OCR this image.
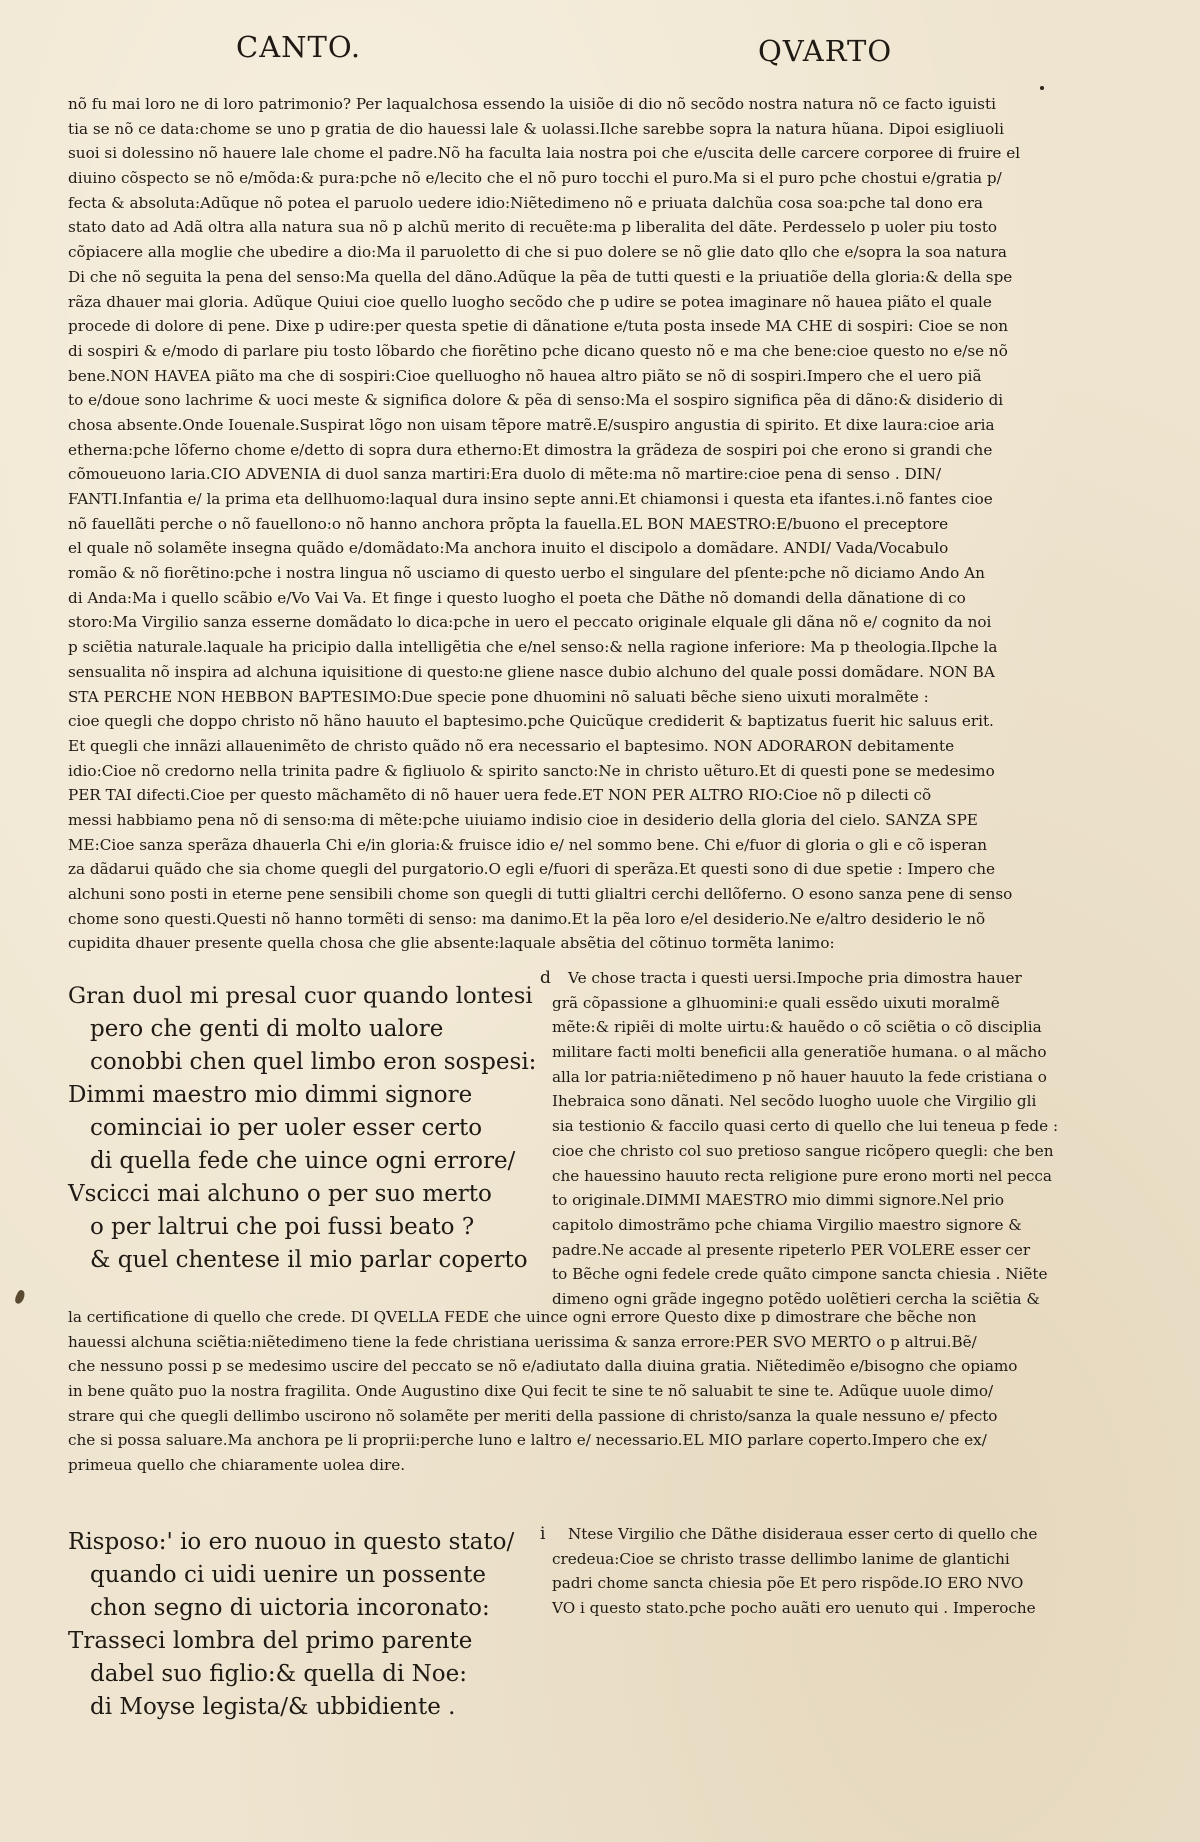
CANTO.	QVARTO
nõ fu mai loro ne di loro patrimonio? Per laqualchosa essendo la uisiõe di dio nõ secõdo nostra natura nõ ce facto iguisti
tia se nõ ce data:chome se uno p gratia de dio hauessi lale & uolassi.Ilche sarebbe sopra la natura hũana. Dipoi esigliuoli
suoi si dolessino nõ hauere lale chome el padre.Nõ ha faculta laia nostra poi che e/uscita delle carcere corporee di fruire el
diuino cõspecto se nõ e/mõda:& pura:pche nõ e/lecito che el nõ puro tocchi el puro.Ma si el puro pche chostui e/gratia p/
fecta & absoluta:Adũque nõ potea el paruolo uedere idio:Niẽtedimeno nõ e priuata dalchũa cosa soa:pche tal dono era
stato dato ad Adã oltra alla natura sua nõ p alchũ merito di recuẽte:ma p liberalita del dãte. Perdesselo p uoler piu tosto
cõpiacere alla moglie che ubedire a dio:Ma il paruoletto di che si puo dolere se nõ glie dato qllo che e/sopra la soa natura
Di che nõ seguita la pena del senso:Ma quella del dãno.Adũque la pẽa de tutti questi e la priuatiõe della gloria:& della spe
rãza dhauer mai gloria. Adũque Quiui cioe quello luogho secõdo che p udire se potea imaginare nõ hauea piãto el quale
procede di dolore di pene. Dixe p udire:per questa spetie di dãnatione e/tuta posta insede MA CHE di sospiri: Cioe se non
di sospiri & e/modo di parlare piu tosto lõbardo che fiorẽtino pche dicano questo nõ e ma che bene:cioe questo no e/se nõ
bene.NON HAVEA piãto ma che di sospiri:Cioe quelluogho nõ hauea altro piãto se nõ di sospiri.Impero che el uero piã
to e/doue sono lachrime & uoci meste & significa dolore & pẽa di senso:Ma el sospiro significa pẽa di dãno:& disiderio di
chosa absente.Onde Iouenale.Suspirat lõgo non uisam tẽpore matrẽ.E/suspiro angustia di spirito. Et dixe laura:cioe aria
etherna:pche lõferno chome e/detto di sopra dura etherno:Et dimostra la grãdeza de sospiri poi che erono si grandi che
cõmoueuono laria.CIO ADVENIA di duol sanza martiri:Era duolo di mẽte:ma nõ martire:cioe pena di senso . DIN/
FANTI.Infantia e/ la prima eta dellhuomo:laqual dura insino septe anni.Et chiamonsi i questa eta ifantes.i.nõ fantes cioe
nõ fauellãti perche o nõ fauellono:o nõ hanno anchora prõpta la fauella.EL BON MAESTRO:E/buono el preceptore
el quale nõ solamẽte insegna quãdo e/domãdato:Ma anchora inuito el discipolo a domãdare. ANDI/ Vada/Vocabulo
romão & nõ fiorẽtino:pche i nostra lingua nõ usciamo di questo uerbo el singulare del pſente:pche nõ diciamo Ando An
di Anda:Ma i quello scãbio e/Vo Vai Va. Et finge i questo luogho el poeta che Dãthe nõ domandi della dãnatione di co
storo:Ma Virgilio sanza esserne domãdato lo dica:pche in uero el peccato originale elquale gli dãna nõ e/ cognito da noi
p sciẽtia naturale.laquale ha pricipio dalla intelligẽtia che e/nel senso:& nella ragione inferiore: Ma p theologia.Ilpche la
sensualita nõ inspira ad alchuna iquisitione di questo:ne gliene nasce dubio alchuno del quale possi domãdare. NON BA
STA PERCHE NON HEBBON BAPTESIMO:Due specie pone dhuomini nõ saluati bẽche sieno uixuti moralmẽte :
cioe quegli che doppo christo nõ hãno hauuto el baptesimo.pche Quicũque crediderit & baptizatus fuerit hic saluus erit.
Et quegli che innãzi allauenimẽto de christo quãdo nõ era necessario el baptesimo. NON ADORARON debitamente
idio:Cioe nõ credorno nella trinita padre & figliuolo & spirito sancto:Ne in christo uẽturo.Et di questi pone se medesimo
PER TAI difecti.Cioe per questo mãchamẽto di nõ hauer uera fede.ET NON PER ALTRO RIO:Cioe nõ p dilecti cõ
messi habbiamo pena nõ di senso:ma di mẽte:pche uiuiamo indisio cioe in desiderio della gloria del cielo. SANZA SPE
ME:Cioe sanza sperãza dhauerla Chi e/in gloria:& fruisce idio e/ nel sommo bene. Chi e/fuor di gloria o gli e cõ isperan
za dãdarui quãdo che sia chome quegli del purgatorio.O egli e/fuori di sperãza.Et questi sono di due spetie : Impero che
alchuni sono posti in eterne pene sensibili chome son quegli di tutti glialtri cerchi dellõferno. O esono sanza pene di senso
chome sono questi.Questi nõ hanno tormẽti di senso: ma danimo.Et la pẽa loro e/el desiderio.Ne e/altro desiderio le nõ
cupidita dhauer presente quella chosa che glie absente:laquale absẽtia del cõtinuo tormẽta lanimo:
Gran duol mi presal cuor quando lontesi
pero che genti di molto ualore
conobbi chen quel limbo eron sospesi:
Dimmi maestro mio dimmi signore
cominciai io per uoler esser certo
di quella fede che uince ogni errore/
Vscicci mai alchuno o per suo merto
o per laltrui che poi fussi beato ?
& quel chentese il mio parlar coperto
d	Ve chose tracta i questi uersi.Impoche pria dimostra hauer
grã cõpassione a glhuomini:e quali essẽdo uixuti moralmẽ
mẽte:& ripiẽi di molte uirtu:& hauẽdo o cõ sciẽtia o cõ disciplia
militare facti molti beneficii alla generatiõe humana. o al mãcho
alla lor patria:niẽtedimeno p nõ hauer hauuto la fede cristiana o
Ihebraica sono dãnati. Nel secõdo luogho uuole che Virgilio gli
sia testionio & faccilo quasi certo di quello che lui teneua p fede :
cioe che christo col suo pretioso sangue ricõpero quegli: che ben
che hauessino hauuto recta religione pure erono morti nel pecca
to originale.DIMMI MAESTRO mio dimmi signore.Nel prio
capitolo dimostrãmo pche chiama Virgilio maestro signore &
padre.Ne accade al presente ripeterlo PER VOLERE esser cer
to Bẽche ogni fedele crede quãto cimpone sancta chiesia . Niẽte
dimeno ogni grãde ingegno potẽdo uolẽtieri cercha la sciẽtia &
la certificatione di quello che crede. DI QVELLA FEDE che uince ogni errore Questo dixe p dimostrare che bẽche non
hauessi alchuna sciẽtia:niẽtedimeno tiene la fede christiana uerissima & sanza errore:PER SVO MERTO o p altrui.Bẽ/
che nessuno possi p se medesimo uscire del peccato se nõ e/adiutato dalla diuina gratia. Niẽtedimẽo e/bisogno che opiamo
in bene quãto puo la nostra fragilita. Onde Augustino dixe Qui fecit te sine te nõ saluabit te sine te. Adũque uuole dimo/
strare qui che quegli dellimbo uscirono nõ solamẽte per meriti della passione di christo/sanza la quale nessuno e/ pfecto
che si possa saluare.Ma anchora pe li proprii:perche luno e laltro e/ necessario.EL MIO parlare coperto.Impero che ex/
primeua quello che chiaramente uolea dire.
Risposo:' io ero nuouo in questo stato/
quando ci uidi uenire un possente
chon segno di uictoria incoronato:
Trasseci lombra del primo parente
dabel suo figlio:& quella di Noe:
di Moyse legista/& ubbidiente .
i	Ntese Virgilio che Dãthe disideraua esser certo di quello che
credeua:Cioe se christo trasse dellimbo lanime de glantichi
padri chome sancta chiesia põe Et pero rispõde.IO ERO NVO
VO i questo stato.pche pocho auãti ero uenuto qui . Imperoche
